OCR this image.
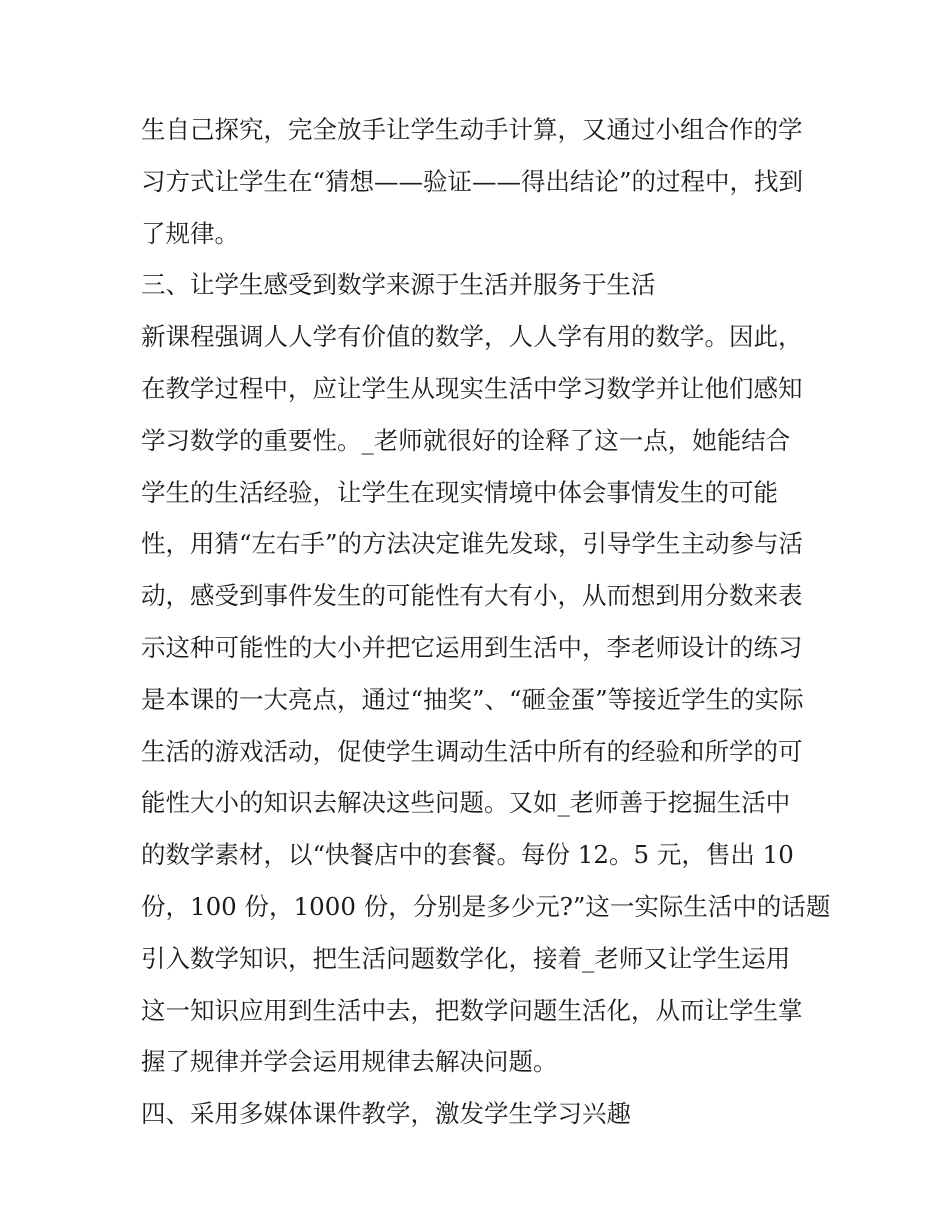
生自己探究，完全放手让学生动手计算，又通过小组合作的学
习方式让学生在“猜想——验证——得出结论”的过程中，找到
了规律。
三、让学生感受到数学来源于生活并服务于生活
新课程强调人人学有价值的数学，人人学有用的数学。因此，
在教学过程中，应让学生从现实生活中学习数学并让他们感知
学习数学的重要性。_老师就很好的诠释了这一点，她能结合
学生的生活经验，让学生在现实情境中体会事情发生的可能
性，用猜“左右手”的方法决定谁先发球，引导学生主动参与活
动，感受到事件发生的可能性有大有小，从而想到用分数来表
示这种可能性的大小并把它运用到生活中，李老师设计的练习
是本课的一大亮点，通过“抽奖”、“砸金蛋”等接近学生的实际
生活的游戏活动，促使学生调动生活中所有的经验和所学的可
能性大小的知识去解决这些问题。又如_老师善于挖掘生活中
的数学素材，以“快餐店中的套餐。每份 12。5 元，售出 10
份，100 份，1000 份，分别是多少元?”这一实际生活中的话题
引入数学知识，把生活问题数学化，接着_老师又让学生运用
这一知识应用到生活中去，把数学问题生活化，从而让学生掌
握了规律并学会运用规律去解决问题。
四、采用多媒体课件教学，激发学生学习兴趣
